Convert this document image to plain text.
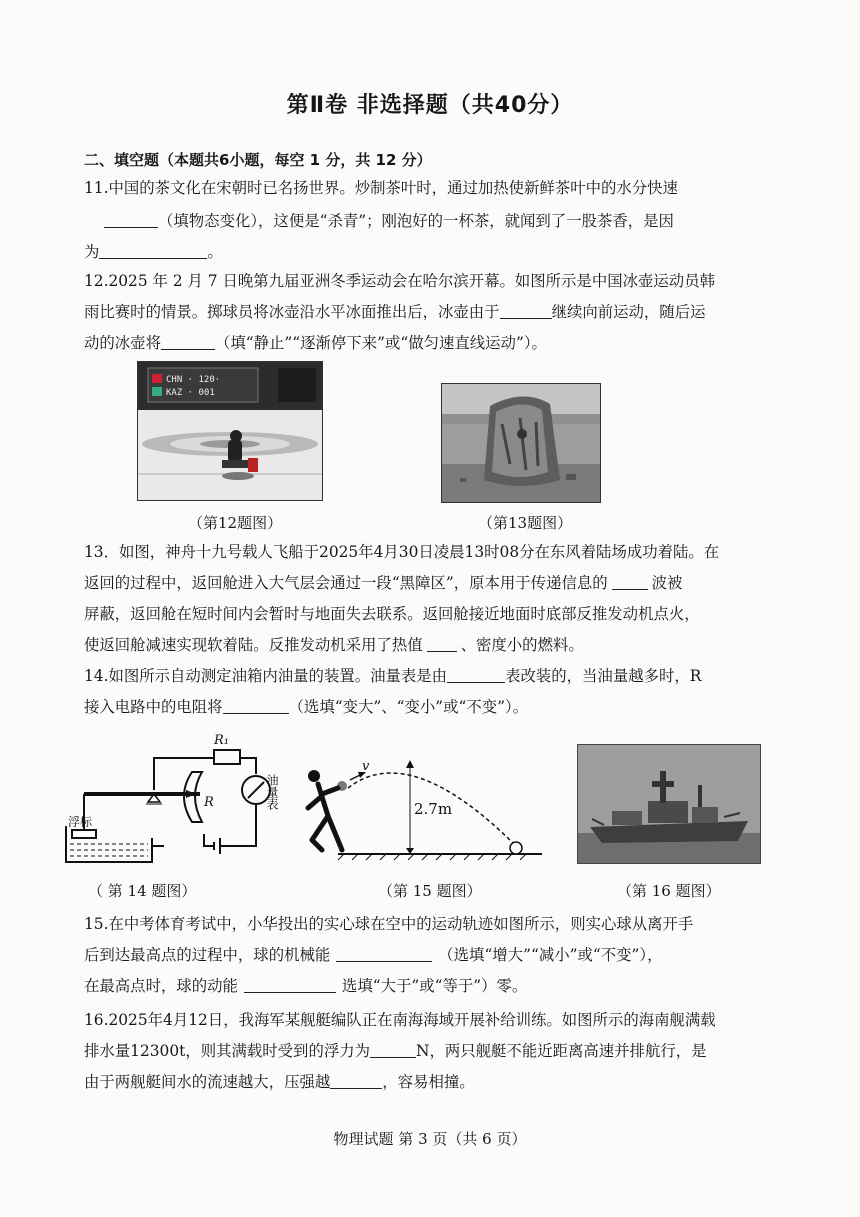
第Ⅱ卷 非选择题（共40分）
二、填空题（本题共6小题，每空 1 分，共 12 分）
11.中国的茶文化在宋朝时已名扬世界。炒制茶叶时，通过加热使新鲜茶叶中的水分快速
（填物态变化），这便是“杀青”；刚泡好的一杯茶，就闻到了一股茶香，是因
为	。
12.2025 年 2 月 7 日晚第九届亚洲冬季运动会在哈尔滨开幕。如图所示是中国冰壶运动员韩
雨比赛时的情景。掷球员将冰壶沿水平冰面推出后，冰壶由于	继续向前运动，随后运
动的冰壶将	（填“静止”“逐渐停下来”或“做匀速直线运动”）。
CHN · 120·
KAZ · 001
（第12题图）	（第13题图）
13．如图，神舟十九号载人飞船于2025年4月30日凌晨13时08分在东风着陆场成功着陆。在
返回的过程中，返回舱进入大气层会通过一段“黑障区”，原本用于传递信息的	波被
屏蔽，返回舱在短时间内会暂时与地面失去联系。返回舱接近地面时底部反推发动机点火，
使返回舱减速实现软着陆。反推发动机采用了热值 、密度小的燃料。
14.如图所示自动测定油箱内油量的装置。油量表是由	表改装的，当油量越多时，R
接入电路中的电阻将	（选填“变大”、“变小”或“不变”）。
R₁
R
浮标
油量表
（ 第 14 题图）
2.7m
v
（第 15 题图）	（第 16 题图）
15.在中考体育考试中，小华投出的实心球在空中的运动轨迹如图所示，则实心球从离开手
后到达最高点的过程中，球的机械能	（选填“增大”“减小”或“不变”），
在最高点时，球的动能	选填“大于”或“等于”）零。
16.2025年4月12日，我海军某舰艇编队正在南海海域开展补给训练。如图所示的海南舰满载
排水量12300t，则其满载时受到的浮力为	N，两只舰艇不能近距离高速并排航行，是
由于两舰艇间水的流速越大，压强越	，容易相撞。
物理试题 第 3 页（共 6 页）
